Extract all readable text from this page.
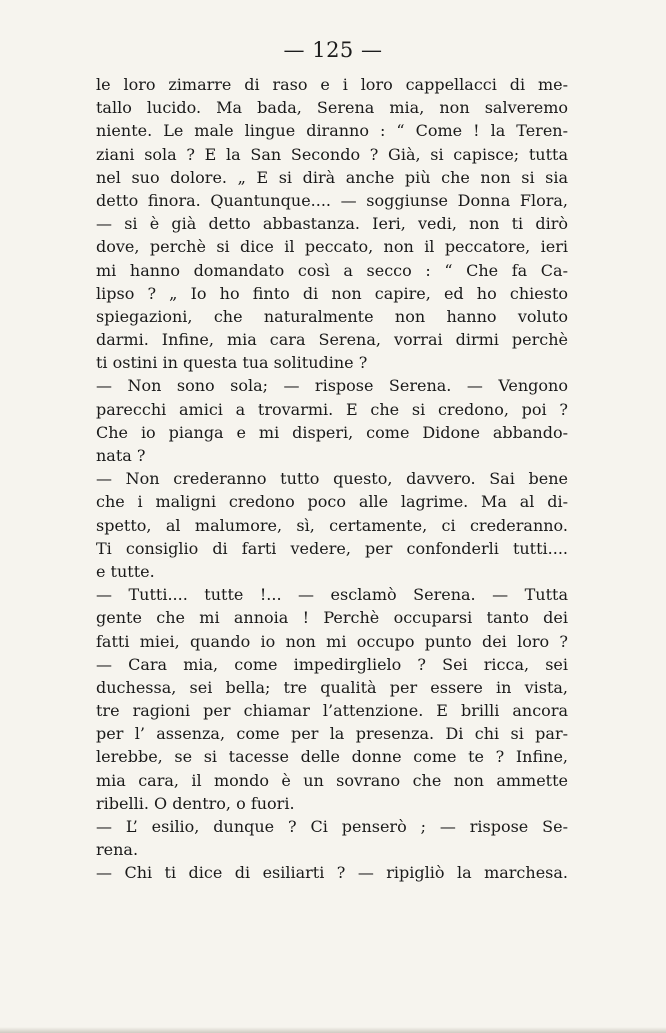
— 125 —
le loro zimarre di raso e i loro cappellacci di me-
tallo lucido. Ma bada, Serena mia, non salveremo
niente. Le male lingue diranno : “ Come ! la Teren-
ziani sola ? E la San Secondo ? Già, si capisce; tutta
nel suo dolore. „ E si dirà anche più che non si sia
detto finora. Quantunque.... — soggiunse Donna Flora,
— si è già detto abbastanza. Ieri, vedi, non ti dirò
dove, perchè si dice il peccato, non il peccatore, ieri
mi hanno domandato così a secco : “ Che fa Ca-
lipso ? „ Io ho finto di non capire, ed ho chiesto
spiegazioni, che naturalmente non hanno voluto
darmi. Infine, mia cara Serena, vorrai dirmi perchè
ti ostini in questa tua solitudine ?
— Non sono sola; — rispose Serena. — Vengono
parecchi amici a trovarmi. E che si credono, poi ?
Che io pianga e mi disperi, come Didone abbando-
nata ?
— Non crederanno tutto questo, davvero. Sai bene
che i maligni credono poco alle lagrime. Ma al di-
spetto, al malumore, sì, certamente, ci crederanno.
Ti consiglio di farti vedere, per confonderli tutti....
e tutte.
— Tutti.... tutte !... — esclamò Serena. — Tutta
gente che mi annoia ! Perchè occuparsi tanto dei
fatti miei, quando io non mi occupo punto dei loro ?
— Cara mia, come impedirglielo ? Sei ricca, sei
duchessa, sei bella; tre qualità per essere in vista,
tre ragioni per chiamar l’attenzione. E brilli ancora
per l’ assenza, come per la presenza. Di chi si par-
lerebbe, se si tacesse delle donne come te ? Infine,
mia cara, il mondo è un sovrano che non ammette
ribelli. O dentro, o fuori.
— L’ esilio, dunque ? Ci penserò ; — rispose Se-
rena.
— Chi ti dice di esiliarti ? — ripigliò la marchesa.
